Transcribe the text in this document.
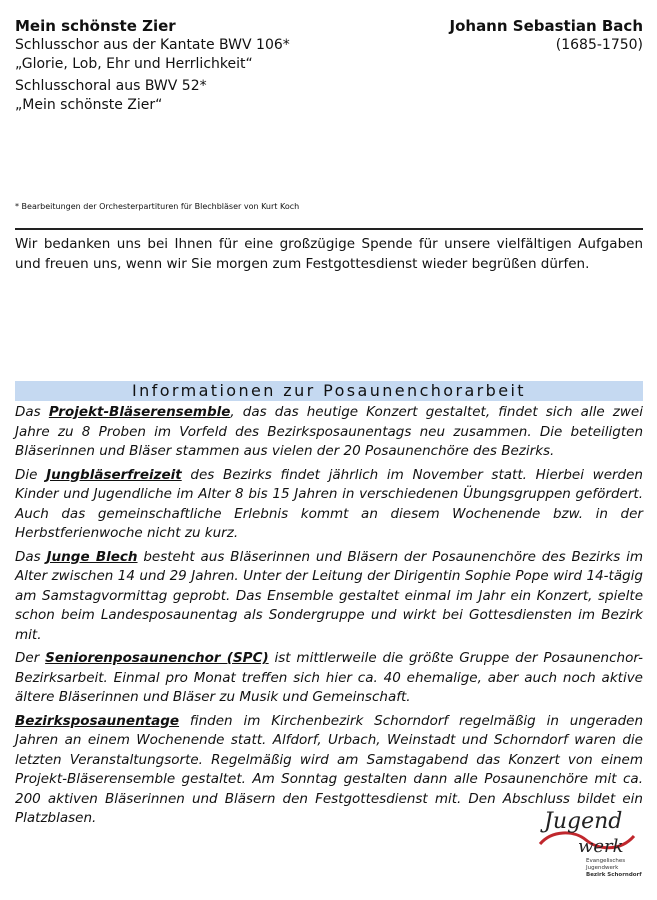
Mein schönste Zier
Schlusschor aus der Kantate BWV 106*
„Glorie, Lob, Ehr und Herrlichkeit“
Schlusschoral aus BWV 52*
„Mein schönste Zier“
Johann Sebastian Bach
(1685-1750)
* Bearbeitungen der Orchesterpartituren für Blechbläser von Kurt Koch
Wir bedanken uns bei Ihnen für eine großzügige Spende für unsere vielfältigen Aufgaben und freuen uns, wenn wir Sie morgen zum Festgottesdienst wieder begrüßen dürfen.
Informationen zur Posaunenchorarbeit

Das Projekt-Bläserensemble, das das heutige Konzert gestaltet, findet sich alle zwei Jahre zu 8 Proben im Vorfeld des Bezirksposaunentags neu zusammen. Die beteiligten Bläserinnen und Bläser stammen aus vielen der 20 Posaunenchöre des Bezirks.

Die Jungbläserfreizeit des Bezirks findet jährlich im November statt. Hierbei werden Kinder und Jugendliche im Alter 8 bis 15 Jahren in verschiedenen Übungsgruppen gefördert. Auch das gemeinschaftliche Erlebnis kommt an diesem Wochenende bzw. in der Herbstferienwoche nicht zu kurz.

Das Junge Blech besteht aus Bläserinnen und Bläsern der Posaunenchöre des Bezirks im Alter zwischen 14 und 29 Jahren. Unter der Leitung der Dirigentin Sophie Pope wird 14-tägig am Samstagvormittag geprobt. Das Ensemble gestaltet einmal im Jahr ein Konzert, spielte schon beim Landesposaunentag als Sondergruppe und wirkt bei Gottesdiensten im Bezirk mit.

Der Seniorenposaunenchor (SPC) ist mittlerweile die größte Gruppe der Posaunenchor-Bezirksarbeit. Einmal pro Monat treffen sich hier ca. 40 ehemalige, aber auch noch aktive ältere Bläserinnen und Bläser zu Musik und Gemeinschaft.

Bezirksposaunentage finden im Kirchenbezirk Schorndorf regelmäßig in ungeraden Jahren an einem Wochenende statt. Alfdorf, Urbach, Weinstadt und Schorndorf waren die letzten Veranstaltungsorte. Regelmäßig wird am Samstagabend das Konzert von einem Projekt-Bläserensemble gestaltet. Am Sonntag gestalten dann alle Posaunenchöre mit ca. 200 aktiven Bläserinnen und Bläsern den Festgottesdienst mit. Den Abschluss bildet ein Platzblasen.	Jugend
werk
Evangelisches
Jugendwerk
Bezirk Schorndorf
